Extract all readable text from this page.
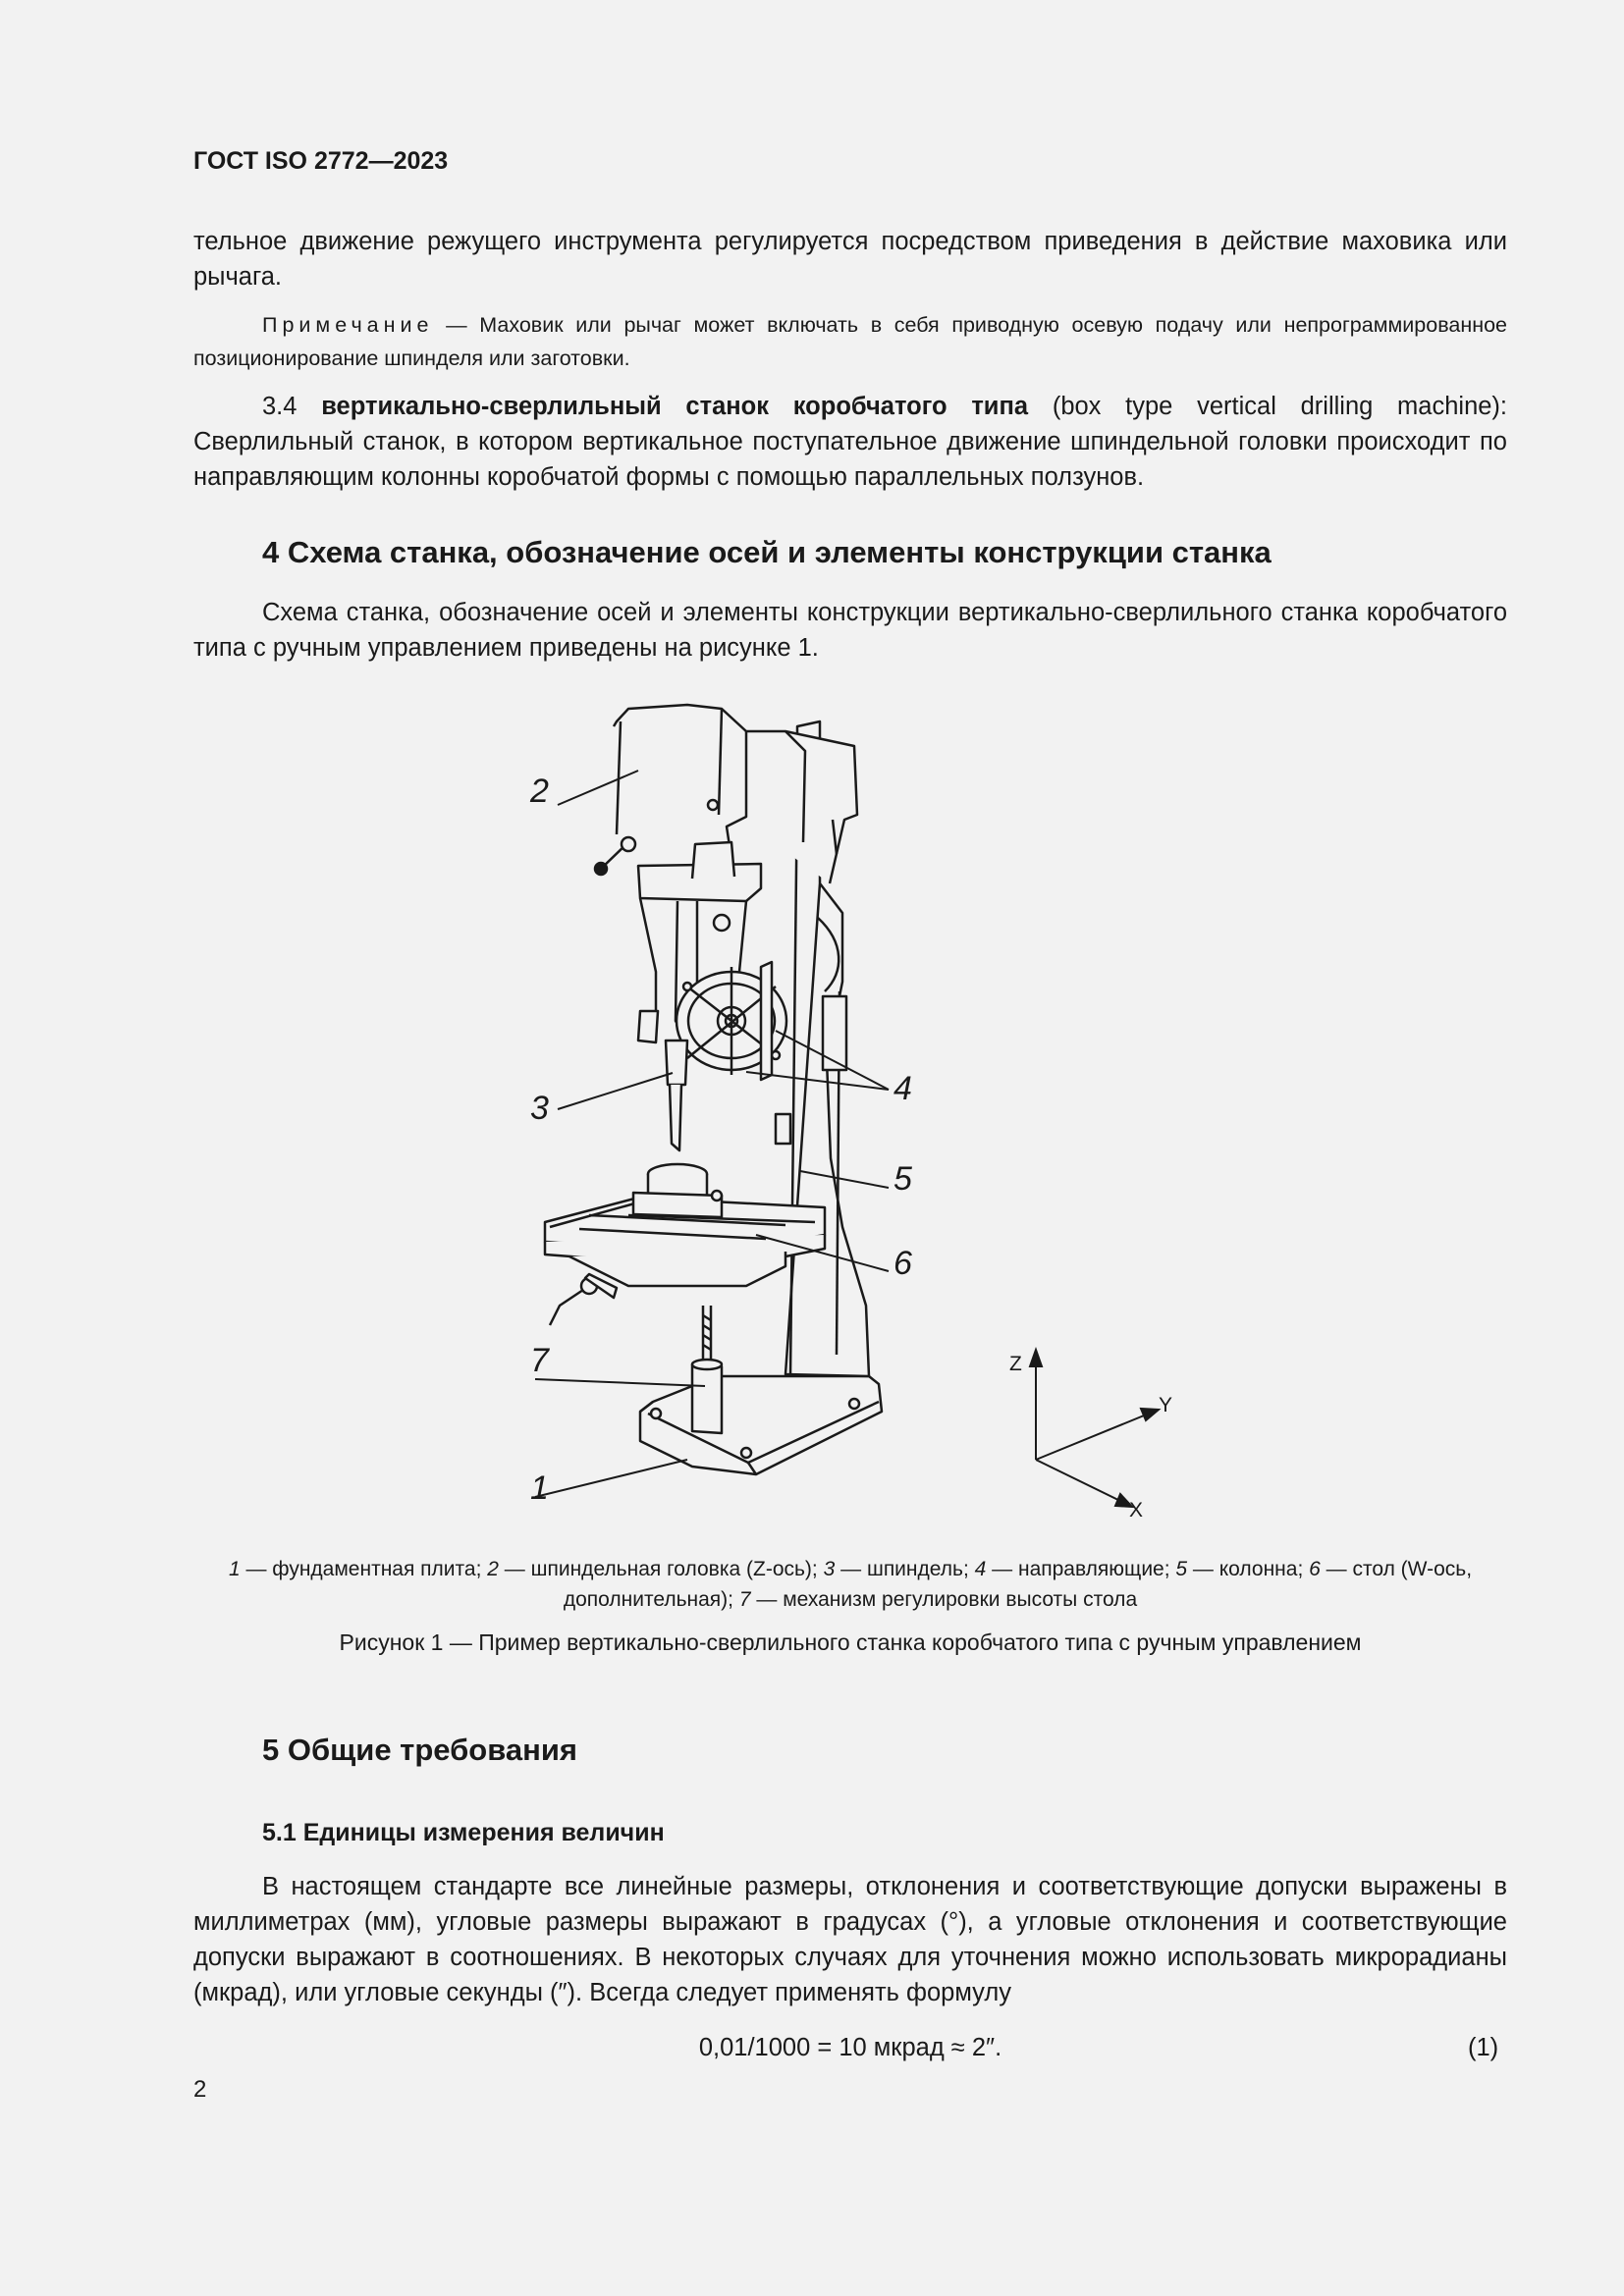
ГОСТ ISO 2772—2023
тельное движение режущего инструмента регулируется посредством приведения в действие маховика или рычага.
Примечание — Маховик или рычаг может включать в себя приводную осевую подачу или непрограммированное позиционирование шпинделя или заготовки.
3.4 вертикально-сверлильный станок коробчатого типа (box type vertical drilling machine): Сверлильный станок, в котором вертикальное поступательное движение шпиндельной головки происходит по направляющим колонны коробчатой формы с помощью параллельных ползунов.
4 Схема станка, обозначение осей и элементы конструкции станка
Схема станка, обозначение осей и элементы конструкции вертикально-сверлильного станка коробчатого типа с ручным управлением приведены на рисунке 1.
2
3
4
5
6
7
1
Z
Y
X
1 — фундаментная плита; 2 — шпиндельная головка (Z-ось); 3 — шпиндель; 4 — направляющие; 5 — колонна; 6 — стол (W-ось, дополнительная); 7 — механизм регулировки высоты стола
Рисунок 1 — Пример вертикально-сверлильного станка коробчатого типа с ручным управлением
5 Общие требования
5.1 Единицы измерения величин
В настоящем стандарте все линейные размеры, отклонения и соответствующие допуски выражены в миллиметрах (мм), угловые размеры выражают в градусах (°), а угловые отклонения и соответствующие допуски выражают в соотношениях. В некоторых случаях для уточнения можно использовать микрорадианы (мкрад), или угловые секунды (″). Всегда следует применять формулу
0,01/1000 = 10 мкрад ≈ 2″.	(1)
2
